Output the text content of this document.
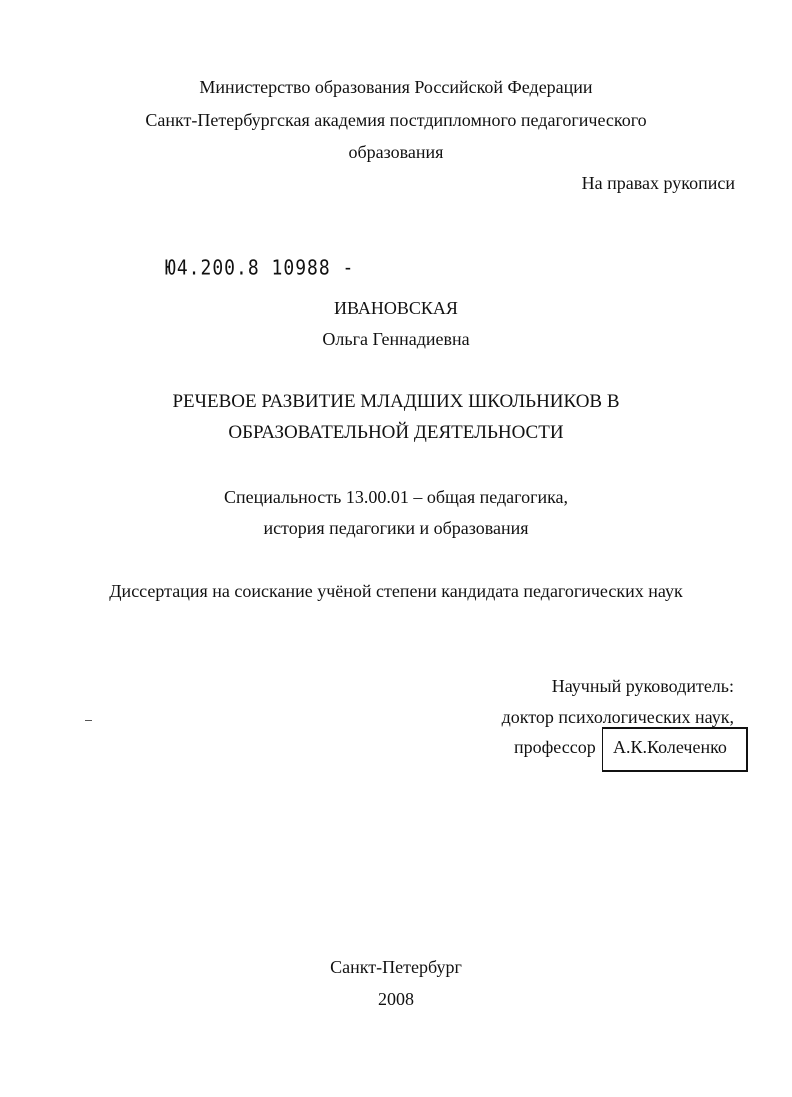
Министерство образования Российской Федерации
Санкт-Петербургская академия постдипломного педагогического
образования
На правах рукописи
Ю4.200.8 10988 -
ИВАНОВСКАЯ
Ольга Геннадиевна
РЕЧЕВОЕ РАЗВИТИЕ МЛАДШИХ ШКОЛЬНИКОВ В
ОБРАЗОВАТЕЛЬНОЙ ДЕЯТЕЛЬНОСТИ
Специальность 13.00.01 – общая педагогика,
история педагогики и образования
Диссертация на соискание учёной степени кандидата педагогических наук
Научный руководитель:
доктор психологических наук,
профессор А.К.Колеченко
Санкт-Петербург
2008
